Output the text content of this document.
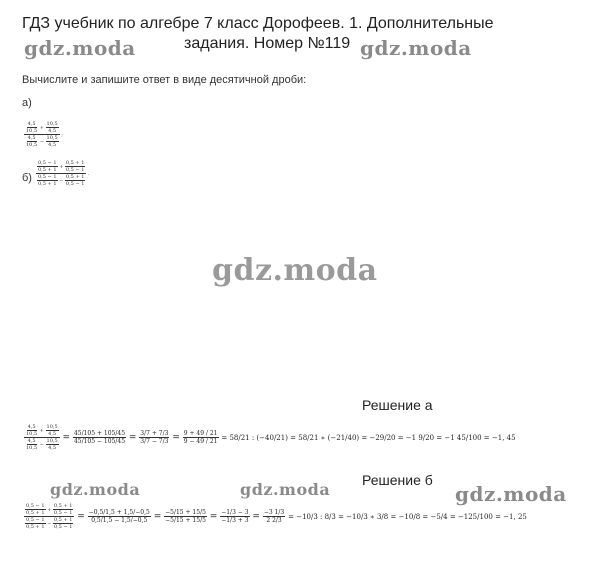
ГДЗ учебник по алгебре 7 класс Дорофеев. 1. Дополнительные
задания. Номер №119
gdz.moda	gdz.moda
Вычислите и запишите ответ в виде десятичной дроби:
а)
$\frac{\frac{4,5}{10,5} + \frac{10,5}{4,5}}{\frac{4,5}{10,5} - \frac{10,5}{4,5}}$ ;
$б) \frac{\frac{0,5 - 1}{0,5 + 1} + \frac{0,5 + 1}{0,5 - 1}}{\frac{0,5 - 1}{0,5 + 1} - \frac{0,5 + 1}{0,5 - 1}}$ .
gdz.moda
Решение а
$\frac{\frac{4,5}{10,5} + \frac{10,5}{4,5}}{\frac{4,5}{10,5} - \frac{10,5}{4,5}} = \frac{45/105 + 105/45}{45/105 - 105/45} = \frac{3/7 + 7/3}{3/7 - 7/3} = \frac{9 + 49 / 21}{9 - 49 / 21} = 58/21$ : (−40/21) = 58/21 ∗ (−21/40) = −29/20 = −1 9/20 = −1 45/100 = −1, 45
Решение б
gdz.moda	gdz.moda	gdz.moda
$\frac{\frac{0,5 - 1}{0,5 + 1} + \frac{0,5 + 1}{0,5 - 1}}{\frac{0,5 - 1}{0,5 + 1} - \frac{0,5 + 1}{0,5 - 1}} = \frac{-0,5/1,5 + 1,5/-0,5}{0,5/1,5 - 1,5/-0,5} = \frac{-5/15 + 15/5}{-5/15 + 15/5} = \frac{-1/3 - 3}{-1/3 + 3} = \frac{-3 1/3}{2 2/3} = -10/3$ : 8/3 = −10/3 ∗ 3/8 = −10/8 = −5/4 = −125/100 = −1, 25
